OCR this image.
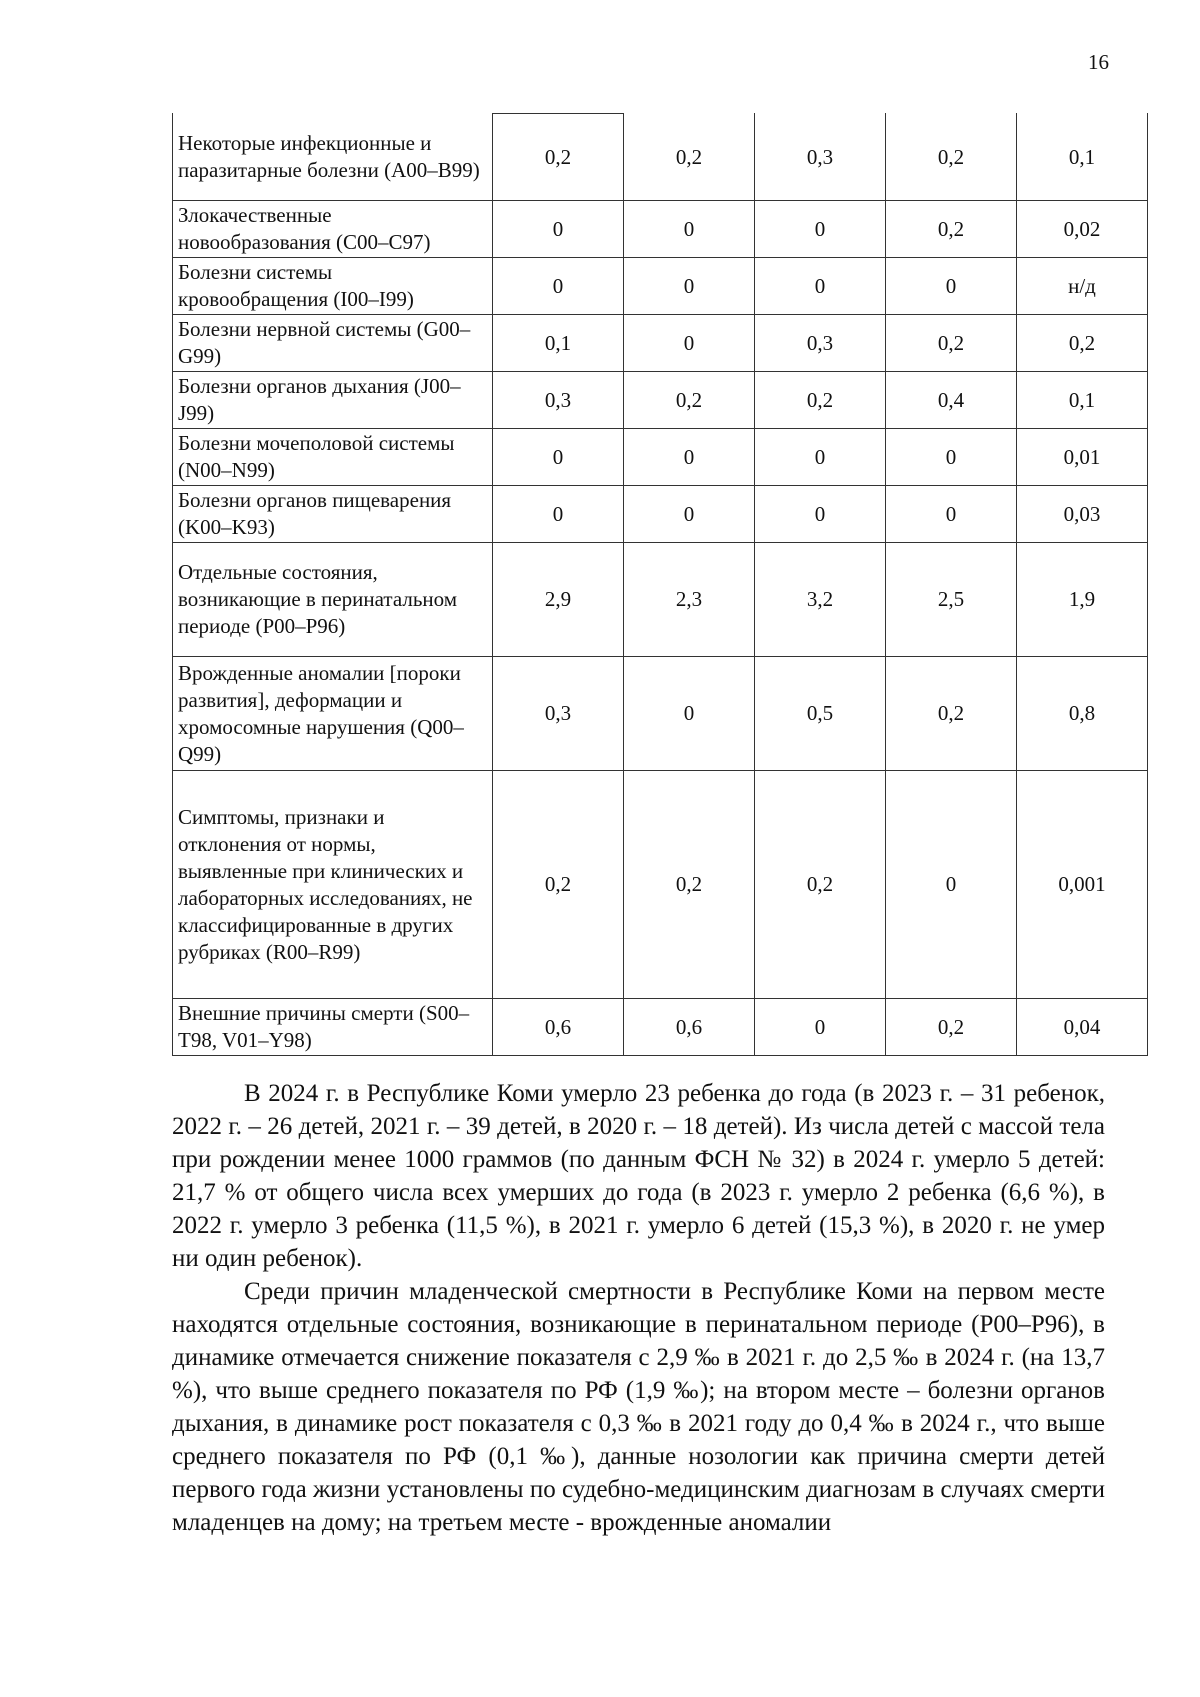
16
Некоторые инфекционные и паразитарные болезни (A00–B99)	0,2	0,2	0,3	0,2	0,1
Злокачественные новообразования (C00–C97)	0	0	0	0,2	0,02
Болезни системы кровообращения (I00–I99)	0	0	0	0	н/д
Болезни нервной системы (G00–G99)	0,1	0	0,3	0,2	0,2
Болезни органов дыхания (J00–J99)	0,3	0,2	0,2	0,4	0,1
Болезни мочеполовой системы (N00–N99)	0	0	0	0	0,01
Болезни органов пищеварения (K00–K93)	0	0	0	0	0,03
Отдельные состояния, возникающие в перинатальном периоде (P00–P96)	2,9	2,3	3,2	2,5	1,9
Врожденные аномалии [пороки развития], деформации и хромосомные нарушения (Q00–Q99)	0,3	0	0,5	0,2	0,8
Симптомы, признаки и отклонения от нормы, выявленные при клинических и лабораторных исследованиях, не классифицированные в других рубриках (R00–R99)	0,2	0,2	0,2	0	0,001
Внешние причины смерти (S00–T98, V01–Y98)	0,6	0,6	0	0,2	0,04

В 2024 г. в Республике Коми умерло 23 ребенка до года (в 2023 г. – 31 ребенок, 2022 г. – 26 детей, 2021 г. – 39 детей, в 2020 г. – 18 детей). Из числа детей с массой тела при рождении менее 1000 граммов (по данным ФСН № 32) в 2024 г. умерло 5 детей: 21,7 % от общего числа всех умерших до года (в 2023 г. умерло 2 ребенка (6,6 %), в 2022 г. умерло 3 ребенка (11,5 %), в 2021 г. умерло 6 детей (15,3 %), в 2020 г. не умер ни один ребенок).

Среди причин младенческой смертности в Республике Коми на первом месте находятся отдельные состояния, возникающие в перинатальном периоде (P00–P96), в динамике отмечается снижение показателя с 2,9 ‰ в 2021 г. до 2,5 ‰ в 2024 г. (на 13,7 %), что выше среднего показателя по РФ (1,9 ‰); на втором месте – болезни органов дыхания, в динамике рост показателя с 0,3 ‰ в 2021 году до 0,4 ‰ в 2024 г., что выше среднего показателя по РФ (0,1 ‰), данные нозологии как причина смерти детей первого года жизни установлены по судебно-медицинским диагнозам в случаях смерти младенцев на дому; на третьем месте - врожденные аномалии
